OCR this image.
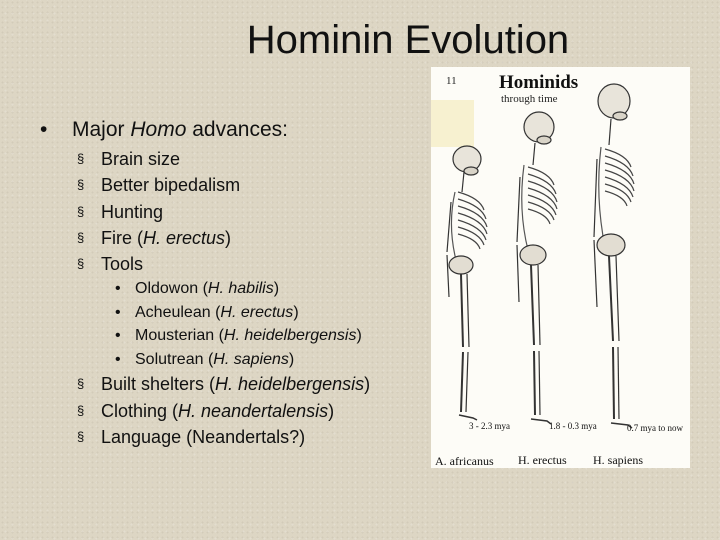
Hominin Evolution
• Major Homo advances:
§ Brain size
§ Better bipedalism
§ Hunting
§ Fire (H. erectus)
§ Tools
• Oldowon (H. habilis)
• Acheulean (H. erectus)
• Mousterian (H. heidelbergensis)
• Solutrean (H. sapiens)
§ Built shelters (H. heidelbergensis)
§ Clothing (H. neandertalensis)
§ Language (Neandertals?)
11 Hominids
through time
3 - 2.3 mya	1.8 - 0.3 mya	0.7 mya to now
A. africanus H. erectus H. sapiens
